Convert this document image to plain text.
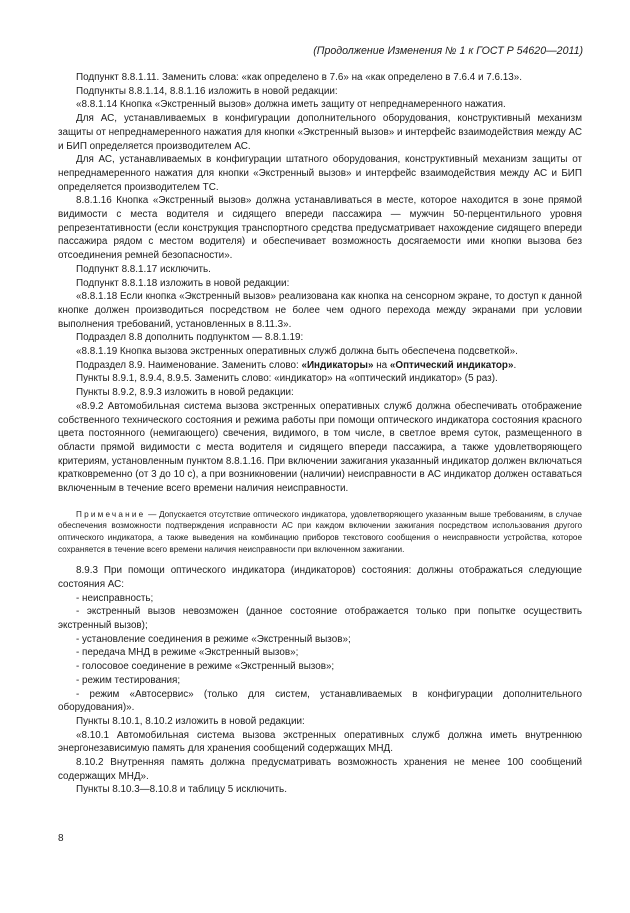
(Продолжение Изменения № 1 к ГОСТ Р 54620—2011)

Подпункт 8.8.1.11. Заменить слова: «как определено в 7.6» на «как определено в 7.6.4 и 7.6.13».

Подпункты 8.8.1.14, 8.8.1.16 изложить в новой редакции:

«8.8.1.14 Кнопка «Экстренный вызов» должна иметь защиту от непреднамеренного нажатия.

Для АС, устанавливаемых в конфигурации дополнительного оборудования, конструктивный механизм защиты от непреднамеренного нажатия для кнопки «Экстренный вызов» и интерфейс взаимодействия между АС и БИП определяется производителем АС.

Для АС, устанавливаемых в конфигурации штатного оборудования, конструктивный механизм защиты от непреднамеренного нажатия для кнопки «Экстренный вызов» и интерфейс взаимодействия между АС и БИП определяется производителем ТС.

8.8.1.16 Кнопка «Экстренный вызов» должна устанавливаться в месте, которое находится в зоне прямой видимости с места водителя и сидящего впереди пассажира — мужчин 50-перцентильного уровня репрезентативности (если конструкция транспортного средства предусматривает нахождение сидящего впереди пассажира рядом с местом водителя) и обеспечивает возможность досягаемости ими кнопки вызова без отсоединения ремней безопасности».

Подпункт 8.8.1.17 исключить.

Подпункт 8.8.1.18 изложить в новой редакции:

«8.8.1.18 Если кнопка «Экстренный вызов» реализована как кнопка на сенсорном экране, то доступ к данной кнопке должен производиться посредством не более чем одного перехода между экранами при условии выполнения требований, установленных в 8.11.3».

Подраздел 8.8 дополнить подпунктом — 8.8.1.19:

«8.8.1.19 Кнопка вызова экстренных оперативных служб должна быть обеспечена подсветкой».

Подраздел 8.9. Наименование. Заменить слово: «Индикаторы» на «Оптический индикатор».

Пункты 8.9.1, 8.9.4, 8.9.5. Заменить слово: «индикатор» на «оптический индикатор» (5 раз).

Пункты 8.9.2, 8.9.3 изложить в новой редакции:

«8.9.2 Автомобильная система вызова экстренных оперативных служб должна обеспечивать отображение собственного технического состояния и режима работы при помощи оптического индикатора состояния красного цвета постоянного (немигающего) свечения, видимого, в том числе, в светлое время суток, размещенного в области прямой видимости с места водителя и сидящего впереди пассажира, а также удовлетворяющего критериям, установленным пунктом 8.8.1.16. При включении зажигания указанный индикатор должен включаться кратковременно (от 3 до 10 с), а при возникновении (наличии) неисправности в АС индикатор должен оставаться включенным в течение всего времени наличия неисправности.

Примечание — Допускается отсутствие оптического индикатора, удовлетворяющего указанным выше требованиям, в случае обеспечения возможности подтверждения исправности АС при каждом включении зажигания посредством использования другого оптического индикатора, а также выведения на комбинацию приборов текстового сообщения о неисправности устройства, которое сохраняется в течение всего времени наличия неисправности при включенном зажигании.

8.9.3 При помощи оптического индикатора (индикаторов) состояния: должны отображаться следующие состояния АС:

- неисправность;

- экстренный вызов невозможен (данное состояние отображается только при попытке осуществить экстренный вызов);

- установление соединения в режиме «Экстренный вызов»;

- передача МНД в режиме «Экстренный вызов»;

- голосовое соединение в режиме «Экстренный вызов»;

- режим тестирования;

- режим «Автосервис» (только для систем, устанавливаемых в конфигурации дополнительного оборудования)».

Пункты 8.10.1, 8.10.2 изложить в новой редакции:

«8.10.1 Автомобильная система вызова экстренных оперативных служб должна иметь внутреннюю энергонезависимую память для хранения сообщений содержащих МНД.

8.10.2 Внутренняя память должна предусматривать возможность хранения не менее 100 сообщений содержащих МНД».

Пункты 8.10.3—8.10.8 и таблицу 5 исключить.

8
